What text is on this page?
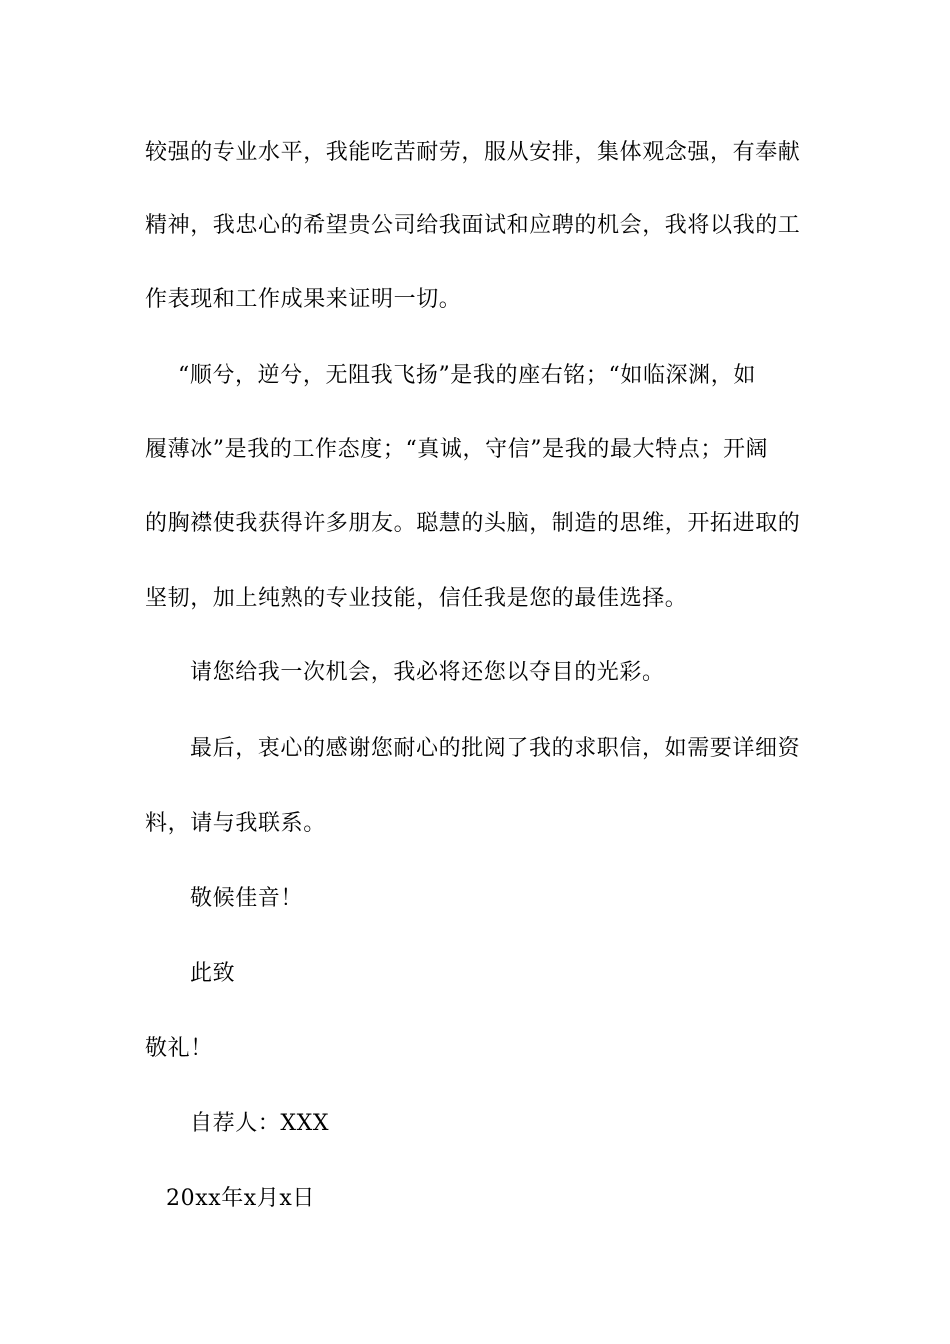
较强的专业水平，我能吃苦耐劳，服从安排，集体观念强，有奉献
精神，我忠心的希望贵公司给我面试和应聘的机会，我将以我的工
作表现和工作成果来证明一切。
“顺兮，逆兮，无阻我飞扬”是我的座右铭；“如临深渊，如
履薄冰”是我的工作态度；“真诚，守信”是我的最大特点；开阔
的胸襟使我获得许多朋友。聪慧的头脑，制造的思维，开拓进取的
坚韧，加上纯熟的专业技能，信任我是您的最佳选择。
请您给我一次机会，我必将还您以夺目的光彩。
最后，衷心的感谢您耐心的批阅了我的求职信，如需要详细资
料，请与我联系。
敬候佳音！
此致
敬礼！
自荐人：XXX
20xx年x月x日
